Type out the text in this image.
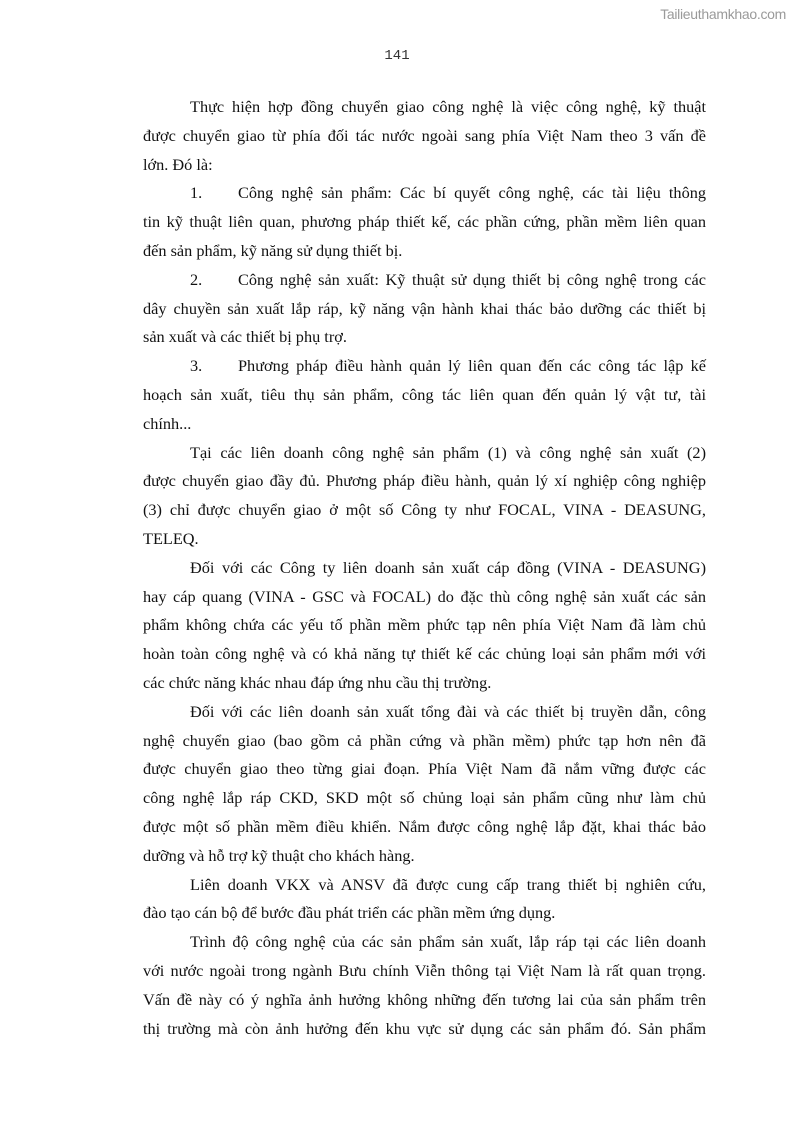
Tailieuthamkhao.com
141
Thực hiện hợp đồng chuyển giao công nghệ là việc công nghệ, kỹ thuật
được chuyển giao từ phía đối tác nước ngoài sang phía Việt Nam theo 3 vấn đề
lớn. Đó là:
1.	Công nghệ sản phẩm: Các bí quyết công nghệ, các tài liệu thông
tin kỹ thuật liên quan, phương pháp thiết kế, các phần cứng, phần mềm liên quan
đến sản phẩm, kỹ năng sử dụng thiết bị.
2.	Công nghệ sản xuất: Kỹ thuật sử dụng thiết bị công nghệ trong các
dây chuyền sản xuất lắp ráp, kỹ năng vận hành khai thác bảo dưỡng các thiết bị
sản xuất và các thiết bị phụ trợ.
3.	Phương pháp điều hành quản lý liên quan đến các công tác lập kế
hoạch sản xuất, tiêu thụ sản phẩm, công tác liên quan đến quản lý vật tư, tài
chính...
Tại các liên doanh công nghệ sản phẩm (1) và công nghệ sản xuất (2)
được chuyển giao đầy đủ. Phương pháp điều hành, quản lý xí nghiệp công nghiệp
(3) chỉ được chuyển giao ở một số Công ty như FOCAL, VINA - DEASUNG,
TELEQ.
Đối với các Công ty liên doanh sản xuất cáp đồng (VINA - DEASUNG)
hay cáp quang (VINA - GSC và FOCAL) do đặc thù công nghệ sản xuất các sản
phẩm không chứa các yếu tố phần mềm phức tạp nên phía Việt Nam đã làm chủ
hoàn toàn công nghệ và có khả năng tự thiết kế các chủng loại sản phẩm mới với
các chức năng khác nhau đáp ứng nhu cầu thị trường.
Đối với các liên doanh sản xuất tổng đài và các thiết bị truyền dẫn, công
nghệ chuyển giao (bao gồm cả phần cứng và phần mềm) phức tạp hơn nên đã
được chuyển giao theo từng giai đoạn. Phía Việt Nam đã nắm vững được các
công nghệ lắp ráp CKD, SKD một số chủng loại sản phẩm cũng như làm chủ
được một số phần mềm điều khiển. Nắm được công nghệ lắp đặt, khai thác bảo
dưỡng và hỗ trợ kỹ thuật cho khách hàng.
Liên doanh VKX và ANSV đã được cung cấp trang thiết bị nghiên cứu,
đào tạo cán bộ để bước đầu phát triển các phần mềm ứng dụng.
Trình độ công nghệ của các sản phẩm sản xuất, lắp ráp tại các liên doanh
với nước ngoài trong ngành Bưu chính Viễn thông tại Việt Nam là rất quan trọng.
Vấn đề này có ý nghĩa ảnh hưởng không những đến tương lai của sản phẩm trên
thị trường mà còn ảnh hưởng đến khu vực sử dụng các sản phẩm đó. Sản phẩm
